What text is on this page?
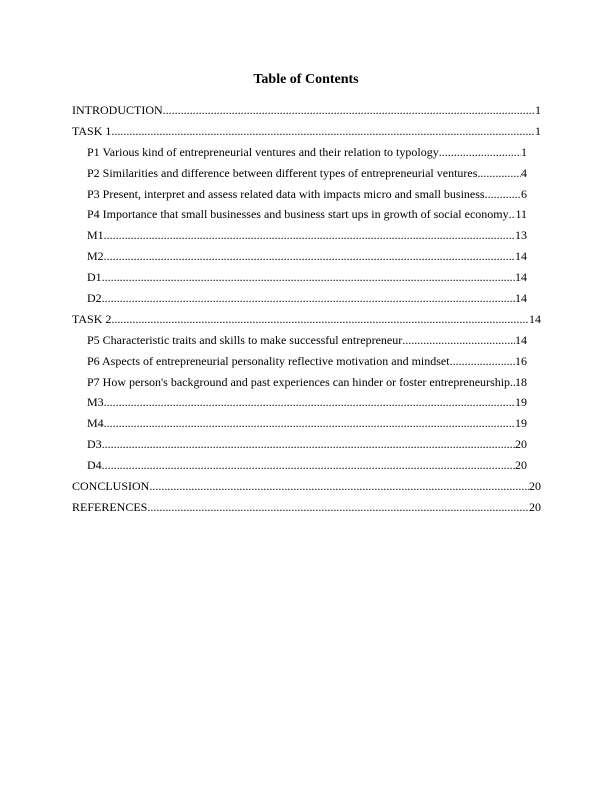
Table of Contents
INTRODUCTION .....	1
TASK 1 .....	1
P1 Various kind of entrepreneurial ventures and their relation to typology .....	1
P2 Similarities and difference between different types of entrepreneurial ventures .....	4
P3 Present, interpret and assess related data with impacts micro and small business .....	6
P4 Importance that small businesses and business start ups in growth of social economy ..... 11
M1 .....	13
M2 .....	14
D1 .....	14
D2 .....	14
TASK 2 .....	14
P5 Characteristic traits and skills to make successful entrepreneur .....	14
P6 Aspects of entrepreneurial personality reflective motivation and mindset .....	16
P7 How person's background and past experiences can hinder or foster entrepreneurship. ..... 18
M3 .....	19
M4 .....	19
D3 .....	20
D4 .....	20
CONCLUSION .....	20
REFERENCES .....	20
